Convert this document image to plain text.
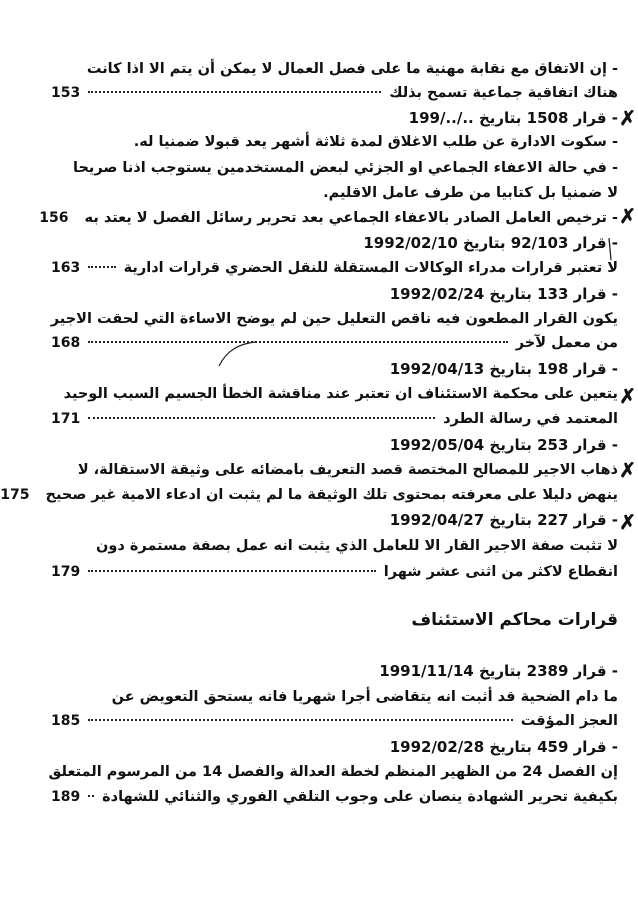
- إن الاتفاق مع نقابة مهنية ما على فصل العمال لا يمكن أن يتم الا اذا كانت
هناك اتفاقية جماعية تسمح بذلك
153
- قرار 1508 بتاريخ ../../199
- سكوت الادارة عن طلب الاغلاق لمدة ثلاثة أشهر يعد قبولا ضمنيا له.
- في حالة الاعفاء الجماعي او الجزئي لبعض المستخدمين يستوجب اذنا صريحا
لا ضمنيا بل كتابيا من طرف عامل الاقليم.
- ترخيص العامل الصادر بالاعفاء الجماعي بعد تحرير رسائل الفصل لا يعتد به
156
- قرار 92/103 بتاريخ 1992/02/10
لا تعتبر قرارات مدراء الوكالات المستقلة للنقل الحضري قرارات ادارية
163
- قرار 133 بتاريخ 1992/02/24
يكون القرار المطعون فيه ناقص التعليل حين لم يوضح الاساءة التي لحقت الاجير
من معمل لآخر
168
- قرار 198 بتاريخ 1992/04/13
يتعين على محكمة الاستئناف ان تعتبر عند مناقشة الخطأ الجسيم السبب الوحيد
المعتمد في رسالة الطرد
171
- قرار 253 بتاريخ 1992/05/04
ذهاب الاجير للمصالح المختصة قصد التعريف بامضائه على وثيقة الاستقالة، لا
ينهض دليلا على معرفته بمحتوى تلك الوثيقة ما لم يثبت ان ادعاء الامية غير صحيح
175
- قرار 227 بتاريخ 1992/04/27
لا تثبت صفة الاجير القار الا للعامل الذي يثبت انه عمل بصفة مستمرة دون
انقطاع لاكثر من اثنى عشر شهرا
179
قرارات محاكم الاستئناف
- قرار 2389 بتاريخ 1991/11/14
ما دام الضحية قد أثبت انه يتقاضى أجرا شهريا فانه يستحق التعويض عن
العجز المؤقت
185
- قرار 459 بتاريخ 1992/02/28
إن الفصل 24 من الظهير المنظم لخطة العدالة والفصل 14 من المرسوم المتعلق
بكيفية تحرير الشهادة ينصان على وجوب التلقي الفوري والثنائي للشهادة
189
✗
✗
✗
✗
✗
